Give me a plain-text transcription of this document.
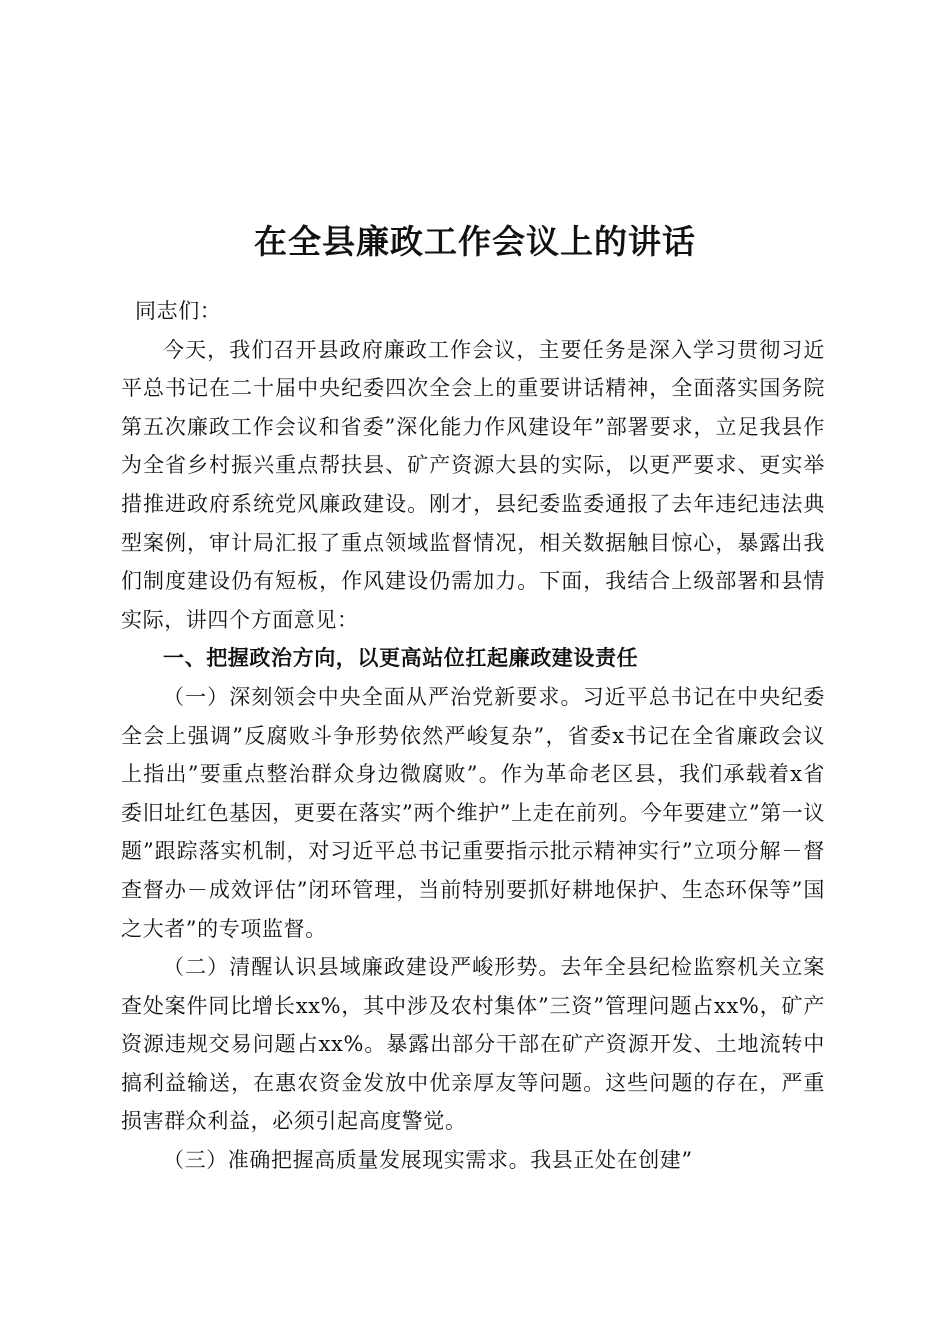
在全县廉政工作会议上的讲话

同志们：

今天，我们召开县政府廉政工作会议，主要任务是深入学习贯彻习近平总书记在二十届中央纪委四次全会上的重要讲话精神，全面落实国务院第五次廉政工作会议和省委”深化能力作风建设年”部署要求，立足我县作为全省乡村振兴重点帮扶县、矿产资源大县的实际，以更严要求、更实举措推进政府系统党风廉政建设。刚才，县纪委监委通报了去年违纪违法典型案例，审计局汇报了重点领域监督情况，相关数据触目惊心，暴露出我们制度建设仍有短板，作风建设仍需加力。下面，我结合上级部署和县情实际，讲四个方面意见：

一、把握政治方向，以更高站位扛起廉政建设责任

（一）深刻领会中央全面从严治党新要求。习近平总书记在中央纪委全会上强调”反腐败斗争形势依然严峻复杂”，省委x书记在全省廉政会议上指出”要重点整治群众身边微腐败”。作为革命老区县，我们承载着x省委旧址红色基因，更要在落实”两个维护”上走在前列。今年要建立”第一议题”跟踪落实机制，对习近平总书记重要指示批示精神实行”立项分解－督查督办－成效评估”闭环管理，当前特别要抓好耕地保护、生态环保等”国之大者”的专项监督。

（二）清醒认识县域廉政建设严峻形势。去年全县纪检监察机关立案查处案件同比增长xx%，其中涉及农村集体”三资”管理问题占xx%，矿产资源违规交易问题占xx%。暴露出部分干部在矿产资源开发、土地流转中搞利益输送，在惠农资金发放中优亲厚友等问题。这些问题的存在，严重损害群众利益，必须引起高度警觉。

（三）准确把握高质量发展现实需求。我县正处在创建”
